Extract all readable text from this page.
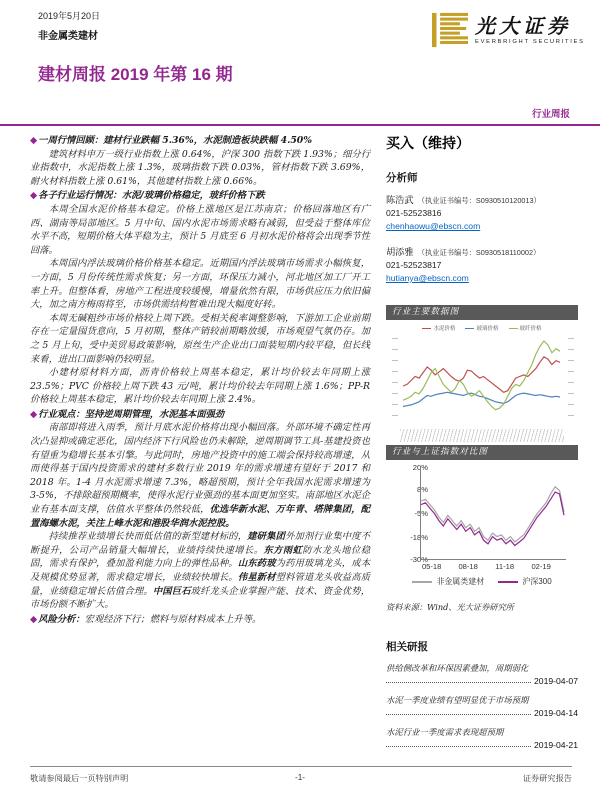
2019年5月20日
非金属类建材	光大证券
EVERBRIGHT SECURITIES
建材周报 2019 年第 16 期
行业周报
◆一周行情回顾：建材行业跌幅 5.36%，水泥制造板块跌幅 4.50%

建筑材料申万一级行业指数上涨 0.64%，沪深 300 指数下跌 1.93%；细分行业指数中，水泥指数上涨 1.3%，玻璃指数下跌 0.03%，管材指数下跌 3.69%，耐火材料指数上涨 0.61%，其他建材指数上涨 0.66%。

◆各子行业运行情况：水泥/玻璃价格稳定，玻纤价格下跌

本周全国水泥价格基本稳定。价格上涨地区是江苏南京；价格回落地区有广西、湖南等局部地区。5 月中旬、国内水泥市场需求略有减弱，但受益于整体库位水平不高，短期价格大体平稳为主，预计 5 月底至 6 月初水泥价格将会出现季节性回落。

本周国内浮法玻璃价格价格基本稳定。近期国内浮法玻璃市场需求小幅恢复，一方面，5 月份传统性需求恢复；另一方面，环保压力减小，河北地区加工厂开工率上升。但整体看，房地产工程进度较缓慢，增量依然有限，市场供应压力依旧偏大，加之南方梅雨将至，市场供需结构暂难出现大幅度好转。

本周无碱粗纱市场价格较上周下跌。受相关税率调整影响，下游加工企业前期存在一定量囤货意向，5 月初期，整体产销较前期略放缓，市场观望气氛仍存。加之 5 月上旬，受中美贸易政策影响，原丝生产企业出口面装短期内较平稳，但长线来看，进出口面影响仍较明显。

小建材原材料方面，沥青价格较上周基本稳定，累计均价较去年同期上涨 23.5%；PVC 价格较上周下跌 43 元/吨，累计均价较去年同期上涨 1.6%；PP-R 价格较上周基本稳定，累计均价较去年同期上涨 2.4%。

◆行业观点：坚持逆周期管理，水泥基本面强劲

南部即将进入雨季，预计月底水泥价格将出现小幅回落。外部环境不确定性再次凸显抑或确定恶化，国内经济下行风险也仍未解除，逆周期调节工具-基建投资也有望重为稳增长基本引擎。与此同时，房地产投资中的施工端会保持较高增速，从而使得基于国内投资需求的建材多数行业 2019 年的需求增速有望好于 2017 和 2018 年。1-4 月水泥需求增速 7.3%，略超预期，预计全年我国水泥需求增速为 3-5%，不排除超预期概率，使得水泥行业强劲的基本面更加坚实。南部地区水泥企业有基本面支撑，估值水平整体仍然较低，优选华新水泥、万年青、塔牌集团，配置海螺水泥，关注上峰水泥和港股华润水泥控股。

持续推荐业绩增长快而低估值的新型建材标的，建研集团外加剂行业集中度不断提升，公司产品销量大幅增长，业绩持续快速增长。东方雨虹防水龙头地位稳固，需求有保护，叠加盈利能力向上的弹性品种。山东药玻为药用玻璃龙头，成本及规模优势显著，需求稳定增长，业绩较快增长。伟星新材塑料管道龙头收益高质量，业绩稳定增长估值合理。中国巨石玻纤龙头企业掌握产能、技术、资金优势，市场份额不断扩大。

◆风险分析：宏观经济下行；燃料与原材料成本上升等。
买入（维持）
分析师
陈浩武 （执业证书编号：S0930510120013）
021-52523816
chenhaowu@ebscn.com
胡添雅 （执业证书编号：S0930518110002）
021-52523817
hutianya@ebscn.com
行业主要数据图
水泥价格	玻璃价格	玻纤价格
行业与上证指数对比图
20%
8%
-5%
-18%
-30%
05-18 08-18 11-18 02-19
非金属类建材	沪深300
资料来源：Wind、光大证券研究所
相关研报
供给侧改革和环保因素叠加，周期弱化
2019-04-07
水泥一季度业绩有望明显优于市场预期
2019-04-14
水泥行业一季度需求表现超预期
2019-04-21
敬请参阅最后一页特别声明	-1-	证券研究报告
